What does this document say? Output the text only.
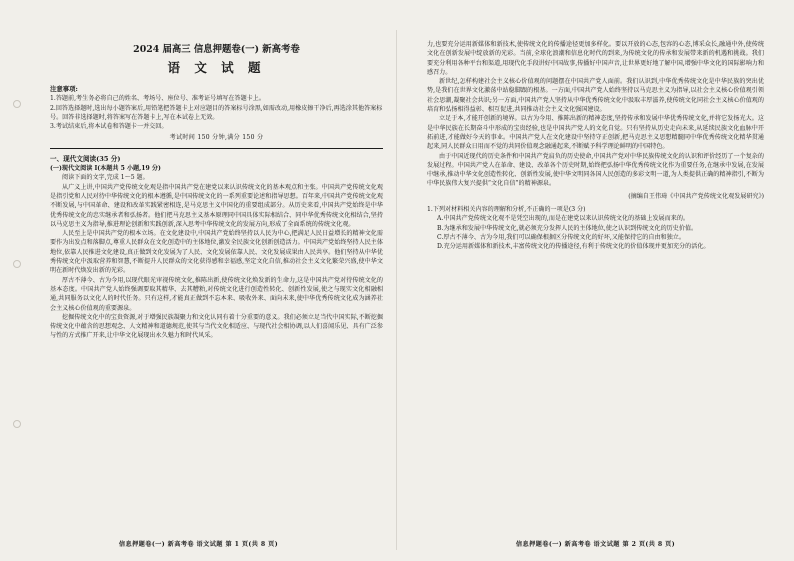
2024 届高三 信息押题卷(一) 新高考卷
语 文 试 题

注意事项:

1.答题前,考生务必将自己的姓名、考场号、座位号、准考证号填写在答题卡上。

2.回答选择题时,选出每小题答案后,用铅笔把答题卡上对应题目的答案标号涂黑,如需改动,用橡皮擦干净后,再选涂其他答案标号。回答非选择题时,将答案写在答题卡上,写在本试卷上无效。

3.考试结束后,将本试卷和答题卡一并交回。

考试时间 150 分钟,满分 150 分

一、现代文阅读(35 分)

(一)现代文阅读 I(本题共 5 小题,19 分)

阅读下面的文字,完成 1～5 题。

从广义上讲,中国共产党传统文化观是指中国共产党在建党以来认识传统文化的基本观点和主张。中国共产党传统文化观是指引党和人民对待中华传统文化的根本遵循,是中国传统文化的一系列重要论述和指导思想。百年来,中国共产党传统文化观不断发展,与中国革命、建设和改革实践紧密相连,是马克思主义中国化的重要组成部分。从历史来看,中国共产党始终是中华优秀传统文化的忠实继承者和弘扬者。他们把马克思主义基本原理同中国具体实际相结合、同中华优秀传统文化相结合,坚持以马克思主义为指导,推进理论创新和实践创新,深入思考中华传统文化的发展方向,形成了全面系统的传统文化观。

人民至上是中国共产党的根本立场。在文化建设中,中国共产党始终坚持以人民为中心,把满足人民日益增长的精神文化需要作为出发点和落脚点,尊重人民群众在文化创造中的主体地位,激发全民族文化创新创造活力。中国共产党始终坚持人民主体地位,依靠人民推进文化建设,真正做到文化发展为了人民、文化发展依靠人民、文化发展成果由人民共享。他们坚持从中华优秀传统文化中汲取营养和智慧,不断提升人民群众的文化获得感和幸福感,坚定文化自信,推动社会主义文化繁荣兴盛,使中华文明在新时代焕发出新的光彩。

厚古不薄今、古为今用,以现代眼光审视传统文化,推陈出新,使传统文化焕发新的生命力,这是中国共产党对待传统文化的基本态度。中国共产党人始终强调要取其精华、去其糟粕,对传统文化进行创造性转化、创新性发展,使之与现实文化相融相通,共同服务以文化人的时代任务。只有这样,才能真正做到不忘本来、吸收外来、面向未来,使中华优秀传统文化成为涵养社会主义核心价值观的重要源泉。

挖掘传统文化中的宝贵资源,对于增强民族凝聚力和文化认同有着十分重要的意义。我们必须立足当代中国实际,不断挖掘传统文化中蕴含的思想观念、人文精神和道德规范,使其与当代文化相适应、与现代社会相协调,以人们喜闻乐见、具有广泛参与性的方式推广开来,让中华文化展现出永久魅力和时代风采。

信息押题卷(一) 新高考卷 语文试题 第 1 页(共 8 页)

力,也要充分运用新媒体和新技术,使传统文化的传播途径更加多样化。要以开放的心态,包容的心态,博采众长,融通中外,使传统文化在创新发展中绽放新的光彩。当前,全球化浪潮和信息化时代的到来,为传统文化的传承和发展带来新的机遇和挑战。我们要充分利用各种平台和渠道,用现代化手段讲好中国故事,传播好中国声音,让世界更好地了解中国,增强中华文化的国际影响力和感召力。

新世纪,怎样构建社会主义核心价值观的问题摆在中国共产党人面前。我们认识到,中华优秀传统文化是中华民族的突出优势,是我们在世界文化激荡中站稳脚跟的根基。一方面,中国共产党人始终坚持以马克思主义为指导,以社会主义核心价值观引领社会思潮,凝聚社会共识;另一方面,中国共产党人坚持从中华优秀传统文化中汲取丰厚滋养,使传统文化同社会主义核心价值观的培育和弘扬相得益彰、相互促进,共同推动社会主义文化强国建设。

立足于本,才能开创新的境界。以古为今用、推陈出新的精神态度,坚持传承和发展中华优秀传统文化,并将它发扬光大。这是中华民族在长期奋斗中形成的宝贵经验,也是中国共产党人的文化自觉。只有坚持从历史走向未来,从延续民族文化血脉中开拓前进,才能做好今天的事业。中国共产党人在文化建设中坚持守正创新,把马克思主义思想精髓同中华优秀传统文化精华贯通起来,同人民群众日用而不觉的共同价值观念融通起来,不断赋予科学理论鲜明的中国特色。

由于中国近现代的历史条件和中国共产党肩负的历史使命,中国共产党对中华民族传统文化的认识和评价经历了一个复杂的发展过程。中国共产党人在革命、建设、改革各个历史时期,始终把弘扬中华优秀传统文化作为重要任务,在继承中发展,在发展中继承,推动中华文化创造性转化、创新性发展,使中华文明同各国人民创造的多彩文明一道,为人类提供正确的精神指引,不断为中华民族伟大复兴提供“文化自信”的精神源泉。

(摘编自王伟琦《中国共产党传统文化观发展研究》)

1.下列对材料相关内容的理解和分析,不正确的一项是(3 分)

A.中国共产党传统文化观不是凭空出现的,而是在建党以来认识传统文化的基础上发展而来的。

B.为继承和发展中华传统文化,就必须充分发挥人民的主体地位,使之认识到传统文化的历史价值。

C.厚古不薄今、古为今用,我们可以确保根据区分传统文化的好坏,又能保持它的自由和独立。

D.充分运用新媒体和新技术,丰富传统文化的传播途径,有利于传统文化的价值体现并更加充分的活化。

信息押题卷(一) 新高考卷 语文试题 第 2 页(共 8 页)
